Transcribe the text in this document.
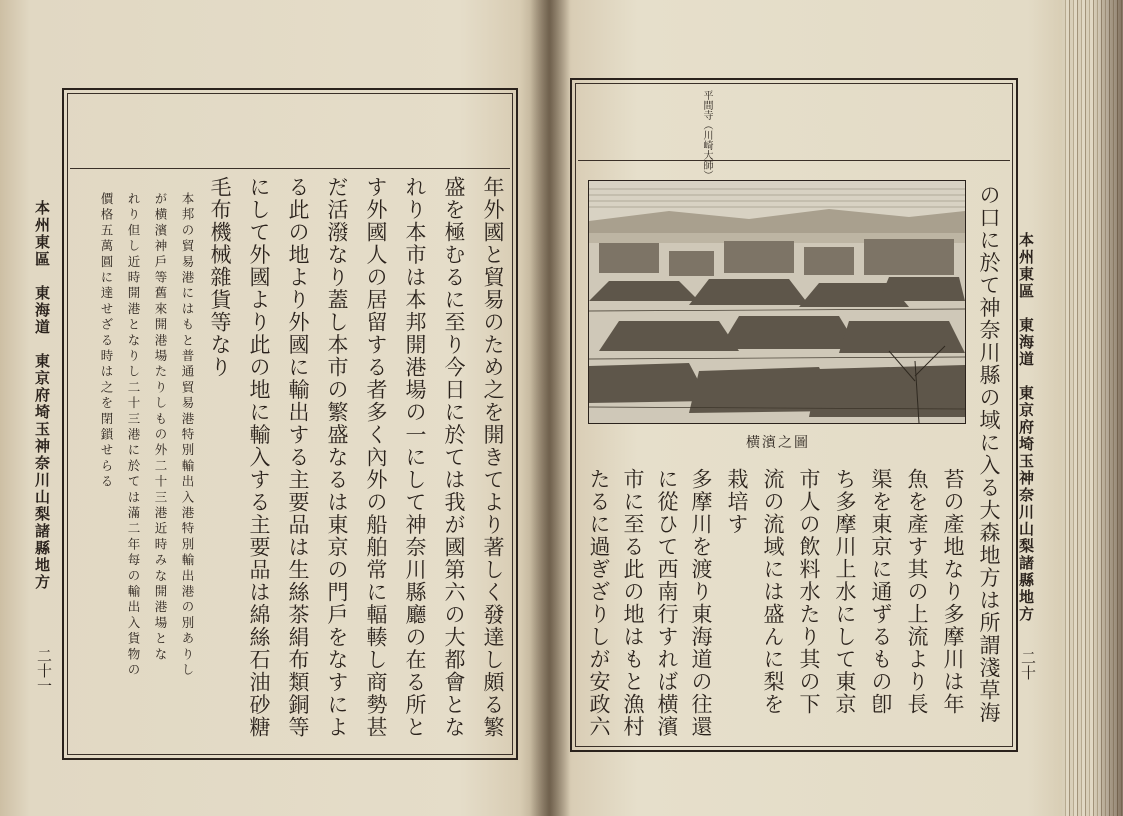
本州東區　東海道　東京府埼玉神奈川山梨諸縣地方
二十一	年外國と貿易のため之を開きてより著しく發達し頗る繁
盛を極むるに至り今日に於ては我が國第六の大都會とな
れり本市は本邦開港場の一にして神奈川縣廳の在る所と
す外國人の居留する者多く內外の船舶常に輻輳し商勢甚
だ活潑なり蓋し本市の繁盛なるは東京の門戶をなすによ
る此の地より外國に輸出する主要品は生絲茶絹布類銅等
にして外國より此の地に輸入する主要品は綿絲石油砂糖
毛布機械雜貨等なり
本邦の貿易港にはもと普通貿易港特別輸出入港特別輸出港の別ありし
が横濱神戶等舊來開港場たりしもの外二十三港近時みな開港場とな
れり但し近時開港となりし二十三港に於ては滿二年每の輸出入貨物の
價格五萬圓に達せざる時は之を閉鎖せらる	本州東區　東海道　東京府埼玉神奈川山梨諸縣地方
二十
平間寺（川崎大師）
横濱之圖	の口に於て神奈川縣の域に入る大森地方は所謂淺草海
苔の產地なり多摩川は年
魚を產す其の上流より長
渠を東京に通ずるもの卽
ち多摩川上水にして東京
市人の飲料水たり其の下
流の流域には盛んに梨を
栽培す
多摩川を渡り東海道の往還
に從ひて西南行すれば横濱
市に至る此の地はもと漁村
たるに過ぎざりしが安政六
